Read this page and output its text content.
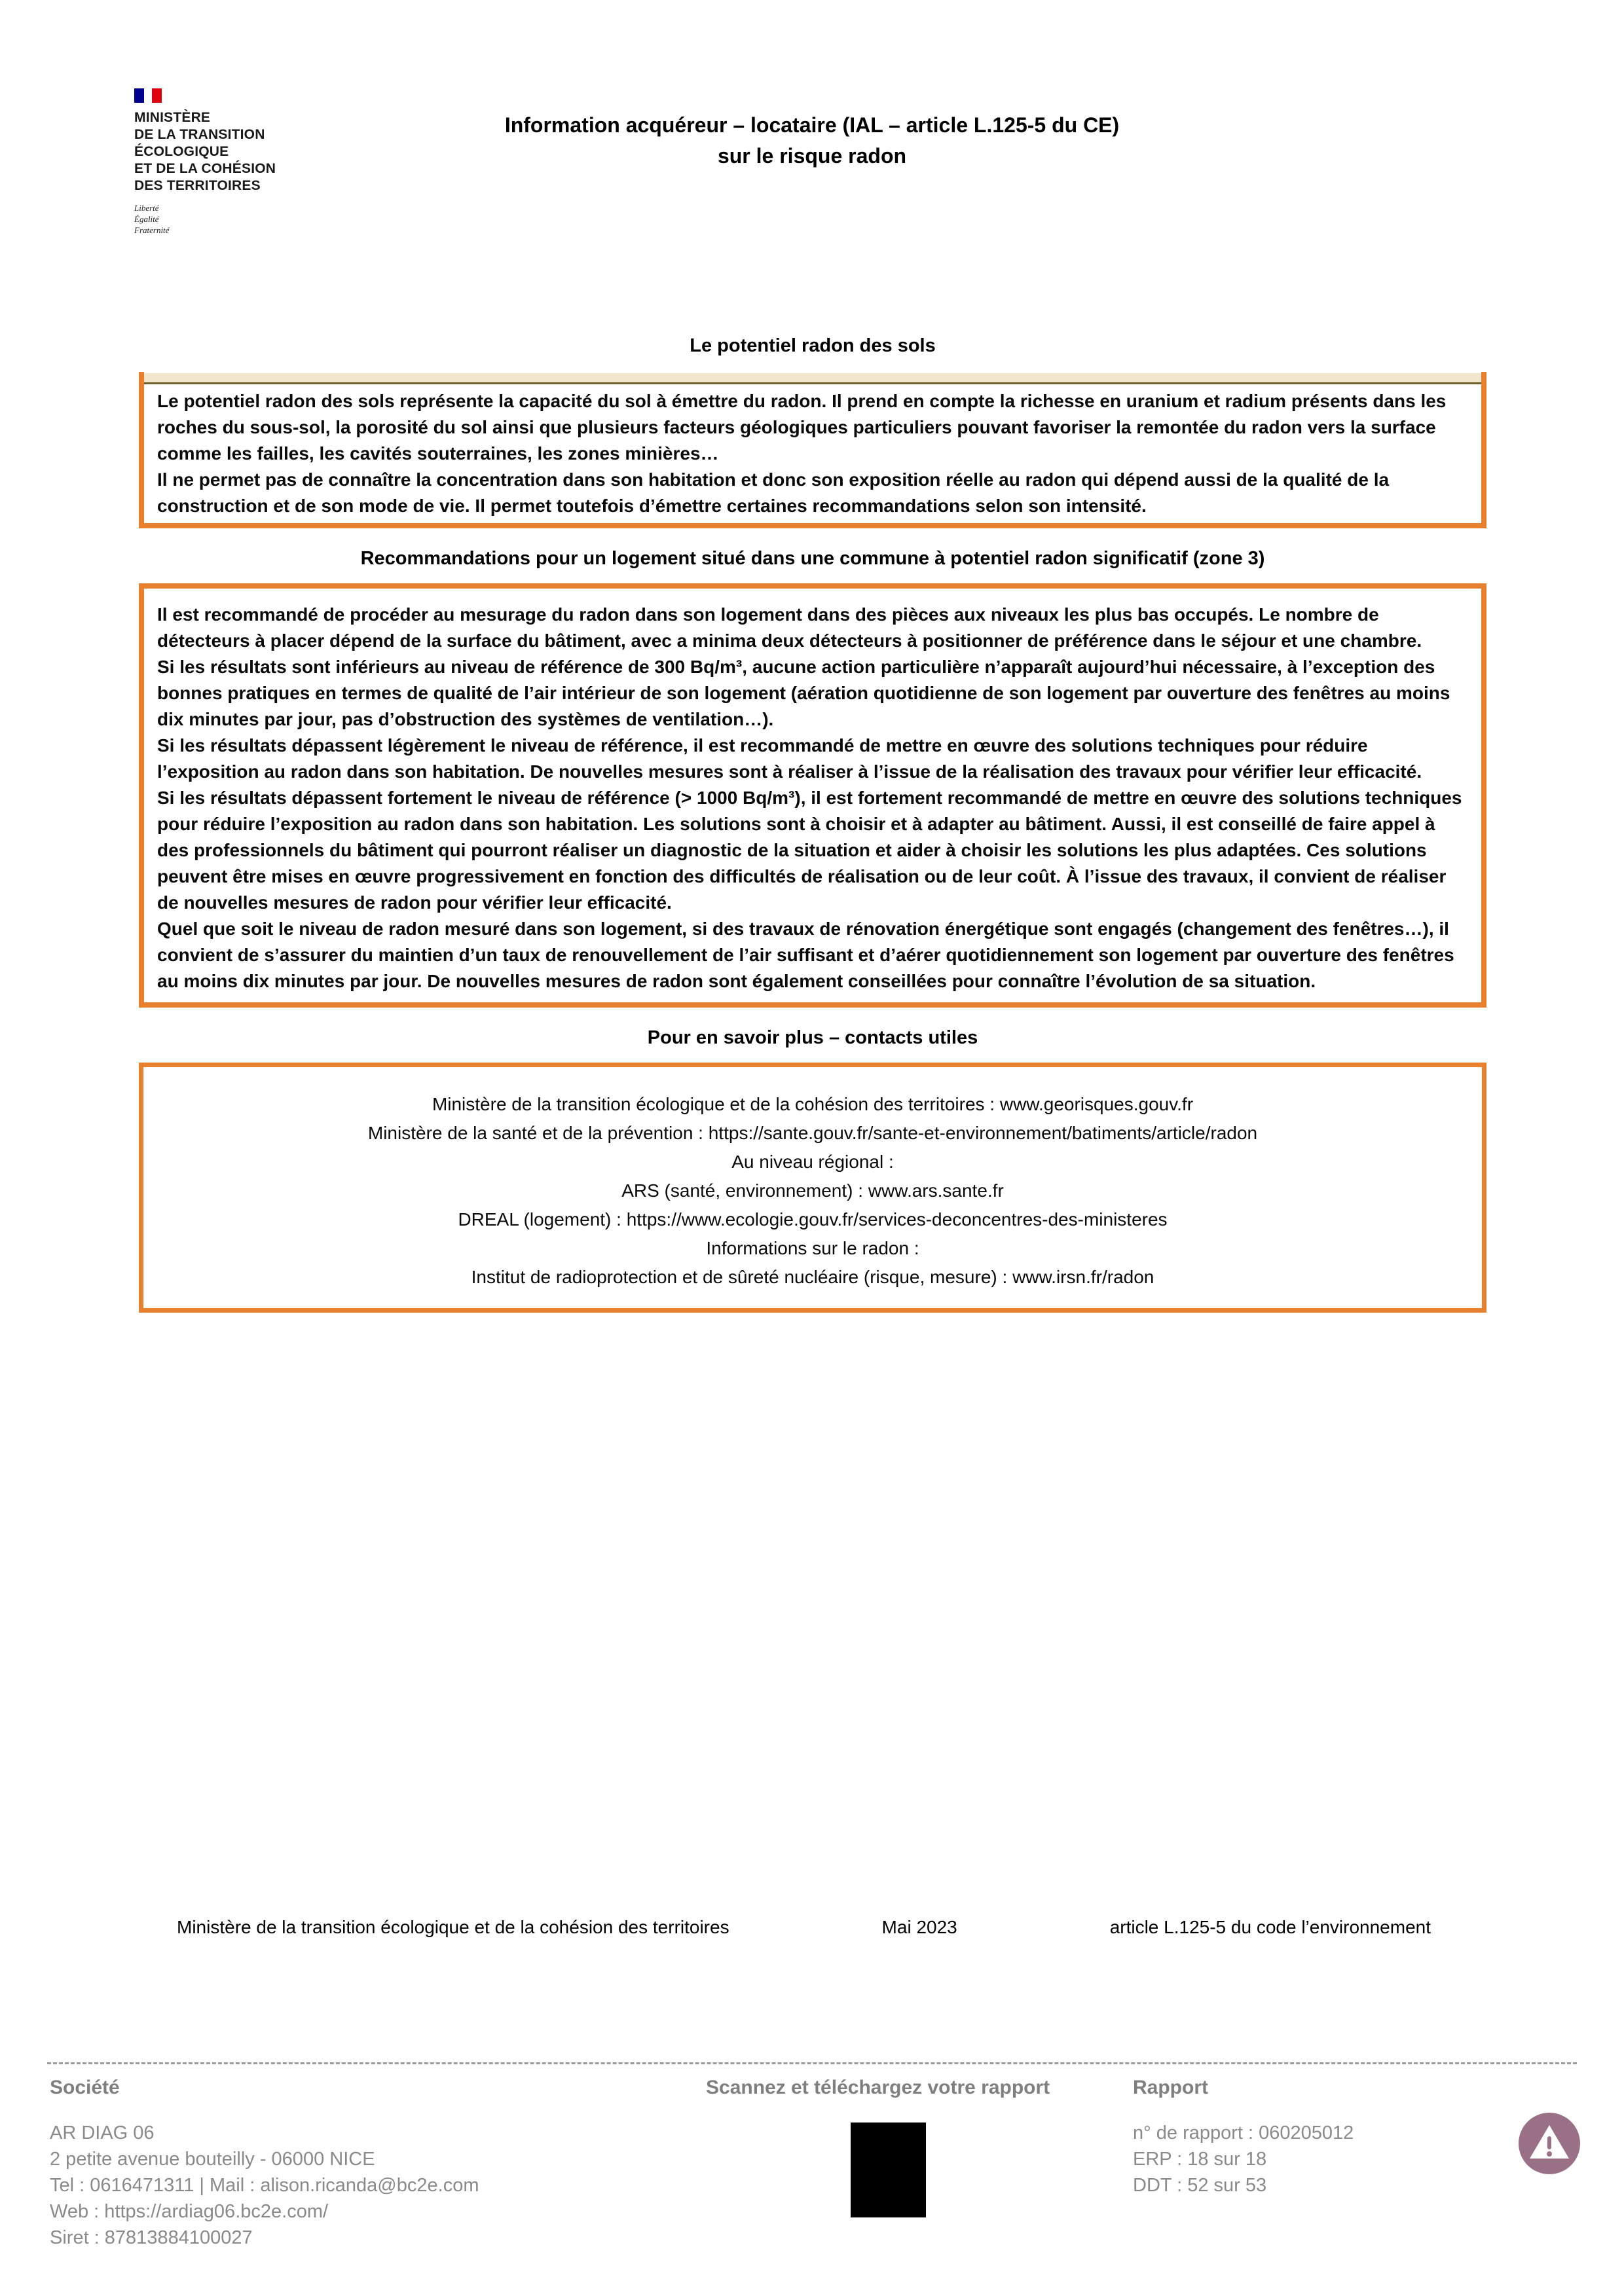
MINISTÈRE
DE LA TRANSITION
ÉCOLOGIQUE
ET DE LA COHÉSION
DES TERRITOIRES
Liberté
Égalité
Fraternité
Information acquéreur – locataire (IAL – article L.125-5 du CE)
sur le risque radon
Le potentiel radon des sols

Le potentiel radon des sols représente la capacité du sol à émettre du radon. Il prend en compte la richesse en uranium et radium présents dans les roches du sous-sol, la porosité du sol ainsi que plusieurs facteurs géologiques particuliers pouvant favoriser la remontée du radon vers la surface comme les failles, les cavités souterraines, les zones minières…

Il ne permet pas de connaître la concentration dans son habitation et donc son exposition réelle au radon qui dépend aussi de la qualité de la construction et de son mode de vie. Il permet toutefois d’émettre certaines recommandations selon son intensité.

Recommandations pour un logement situé dans une commune à potentiel radon significatif (zone 3)

Il est recommandé de procéder au mesurage du radon dans son logement dans des pièces aux niveaux les plus bas occupés. Le nombre de détecteurs à placer dépend de la surface du bâtiment, avec a minima deux détecteurs à positionner de préférence dans le séjour et une chambre.

Si les résultats sont inférieurs au niveau de référence de 300 Bq/m³, aucune action particulière n’apparaît aujourd’hui nécessaire, à l’exception des bonnes pratiques en termes de qualité de l’air intérieur de son logement (aération quotidienne de son logement par ouverture des fenêtres au moins dix minutes par jour, pas d’obstruction des systèmes de ventilation…).

Si les résultats dépassent légèrement le niveau de référence, il est recommandé de mettre en œuvre des solutions techniques pour réduire l’exposition au radon dans son habitation. De nouvelles mesures sont à réaliser à l’issue de la réalisation des travaux pour vérifier leur efficacité.

Si les résultats dépassent fortement le niveau de référence (> 1000 Bq/m³), il est fortement recommandé de mettre en œuvre des solutions techniques pour réduire l’exposition au radon dans son habitation. Les solutions sont à choisir et à adapter au bâtiment. Aussi, il est conseillé de faire appel à des professionnels du bâtiment qui pourront réaliser un diagnostic de la situation et aider à choisir les solutions les plus adaptées. Ces solutions peuvent être mises en œuvre progressivement en fonction des difficultés de réalisation ou de leur coût. À l’issue des travaux, il convient de réaliser de nouvelles mesures de radon pour vérifier leur efficacité.

Quel que soit le niveau de radon mesuré dans son logement, si des travaux de rénovation énergétique sont engagés (changement des fenêtres…), il convient de s’assurer du maintien d’un taux de renouvellement de l’air suffisant et d’aérer quotidiennement son logement par ouverture des fenêtres au moins dix minutes par jour. De nouvelles mesures de radon sont également conseillées pour connaître l’évolution de sa situation.

Pour en savoir plus – contacts utiles
Ministère de la transition écologique et de la cohésion des territoires : www.georisques.gouv.fr
Ministère de la santé et de la prévention : https://sante.gouv.fr/sante-et-environnement/batiments/article/radon
Au niveau régional :
ARS (santé, environnement) : www.ars.sante.fr
DREAL (logement) : https://www.ecologie.gouv.fr/services-deconcentres-des-ministeres
Informations sur le radon :
Institut de radioprotection et de sûreté nucléaire (risque, mesure) : www.irsn.fr/radon
Ministère de la transition écologique et de la cohésion des territoires	Mai 2023	article L.125-5 du code l’environnement
Société
AR DIAG 06
2 petite avenue bouteilly - 06000 NICE
Tel : 0616471311 | Mail : alison.ricanda@bc2e.com
Web : https://ardiag06.bc2e.com/
Siret : 87813884100027
Scannez et téléchargez votre rapport	Rapport
n° de rapport : 060205012
ERP : 18 sur 18
DDT : 52 sur 53
